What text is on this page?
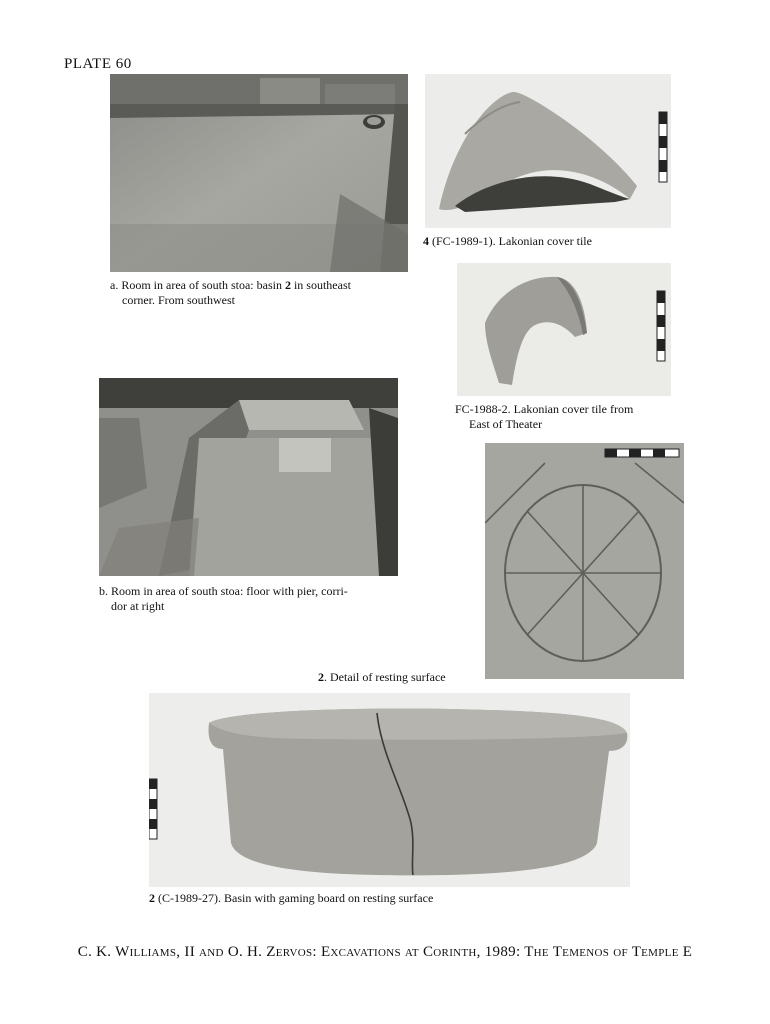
PLATE 60
a. Room in area of south stoa: basin 2 in southeast
corner. From southwest
4 (FC-1989-1). Lakonian cover tile
FC-1988-2. Lakonian cover tile from
East of Theater
b. Room in area of south stoa: floor with pier, corri-
dor at right
2. Detail of resting surface
2 (C-1989-27). Basin with gaming board on resting surface
C. K. Williams, II and O. H. Zervos: Excavations at Corinth, 1989: The Temenos of Temple E
